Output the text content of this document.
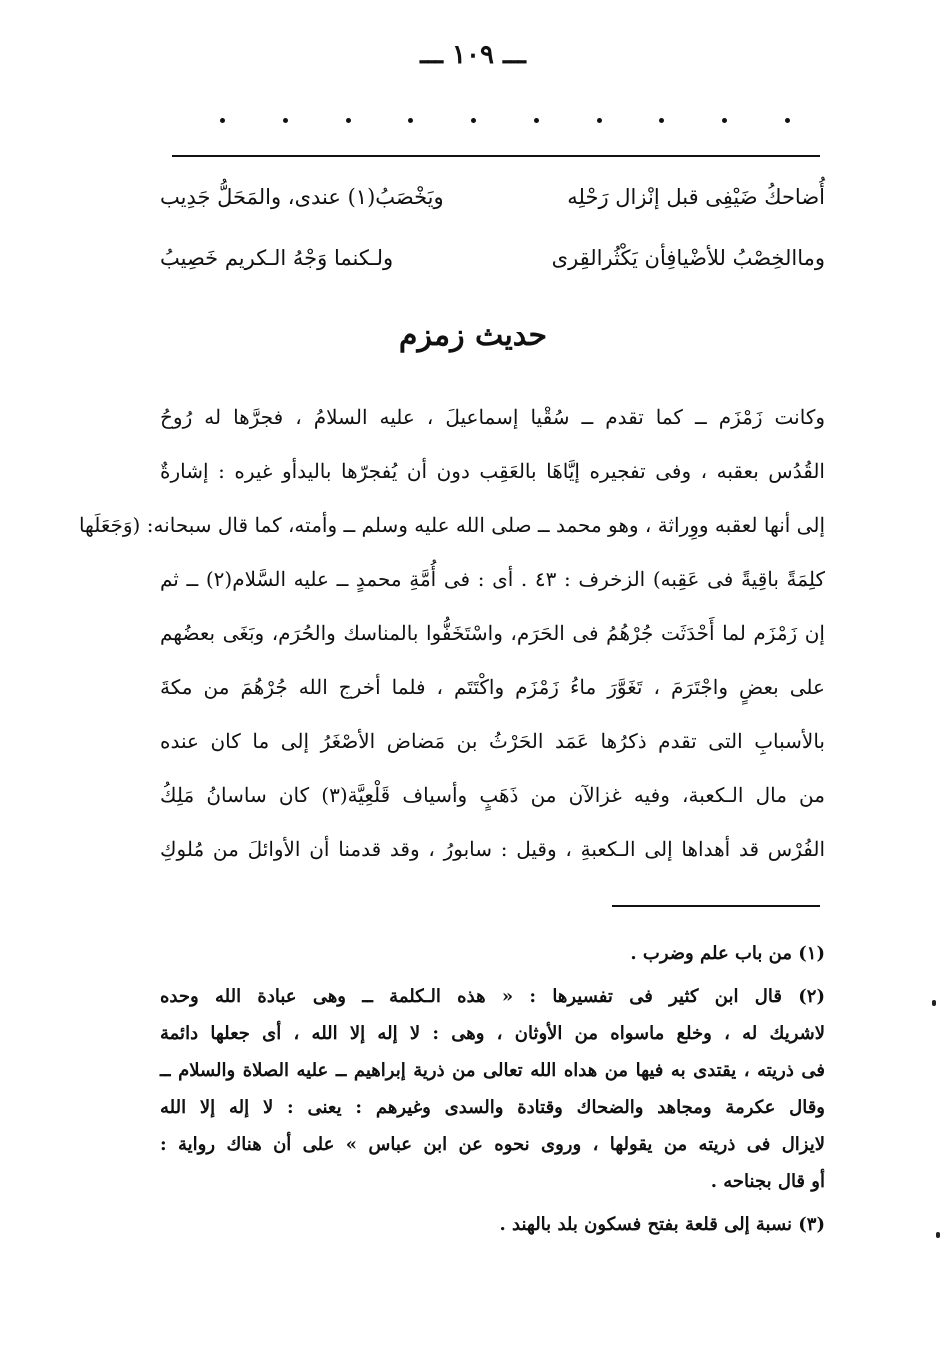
ـــ ١٠٩ ـــ
أُضاحكُ ضَيْفِى قبل إنْزال رَحْلِه
ويَخْصَبُ(١) عندى، والمَحَلُّ جَدِيب
وماالخِصْبُ للأضْيافِأن يَكْثُرالقِرى
ولـكنما وَجْهُ الـكريم خَصِيبُ
حديث زمزم
وكانت زَمْزَم ــ كما تقدم ــ سُقْيا إسماعيلَ ، عليه السلامُ ، فجرَّها له رُوحُ
القُدُس بعقبه ، وفى تفجيره إيَّاهَا بالعَقِب دون أن يُفجرّها باليدأو غيره : إشارةٌ
إلى أنها لعقبه ووِراثة ، وهو محمد ــ صلى الله عليه وسلم ــ وأمته، كما قال سبحانه: (وَجَعَلَها
كلِمَةً باقِيةً فى عَقِبه) الزخرف : ٤٣ . أى : فى أُمَّةِ محمدٍ ــ عليه السَّلام(٢) ــ ثم
إن زَمْزَم لما أَحْدَثَت جُرْهُمُ فى الحَرَم، واسْتَخَفُّوا بالمناسك والحُرَم، وبَغَى بعضُهم
على بعضٍ واجْتَرَمَ ، تَغَوَّرَ ماءُ زَمْزَم واكْتَتَم ، فلما أخرج الله جُرْهُمَ من مكةَ
بالأسبابِ التى تقدم ذكرُها عَمَد الحَرْثُ بن مَضاض الأصْغَرُ إلى ما كان عنده
من مال الـكعبة، وفيه غزالآن من ذَهَبٍ وأسياف قَلْعِيَّة(٣) كان ساسانُ مَلِكُ
الفُرْس قد أهداها إلى الـكعبةِ ، وقيل : سابورُ ، وقد قدمنا أن الأوائلَ من مُلوكِ
(١) من باب علم وضرب .
(٢) قال ابن كثير فى تفسيرها : « هذه الـكلمة ــ وهى عبادة الله وحده
لاشريك له ، وخلع ماسواه من الأوثان ، وهى : لا إله إلا الله ، أى جعلها دائمة
فى ذريته ، يقتدى به فيها من هداه الله تعالى من ذرية إبراهيم ــ عليه الصلاة والسلام ــ
وقال عكرمة ومجاهد والضحاك وقتادة والسدى وغيرهم : يعنى : لا إله إلا الله
لايزال فى ذريته من يقولها ، وروى نحوه عن ابن عباس » على أن هناك رواية :
أو قال بجناحه .
(٣) نسبة إلى قلعة بفتح فسكون بلد بالهند .
